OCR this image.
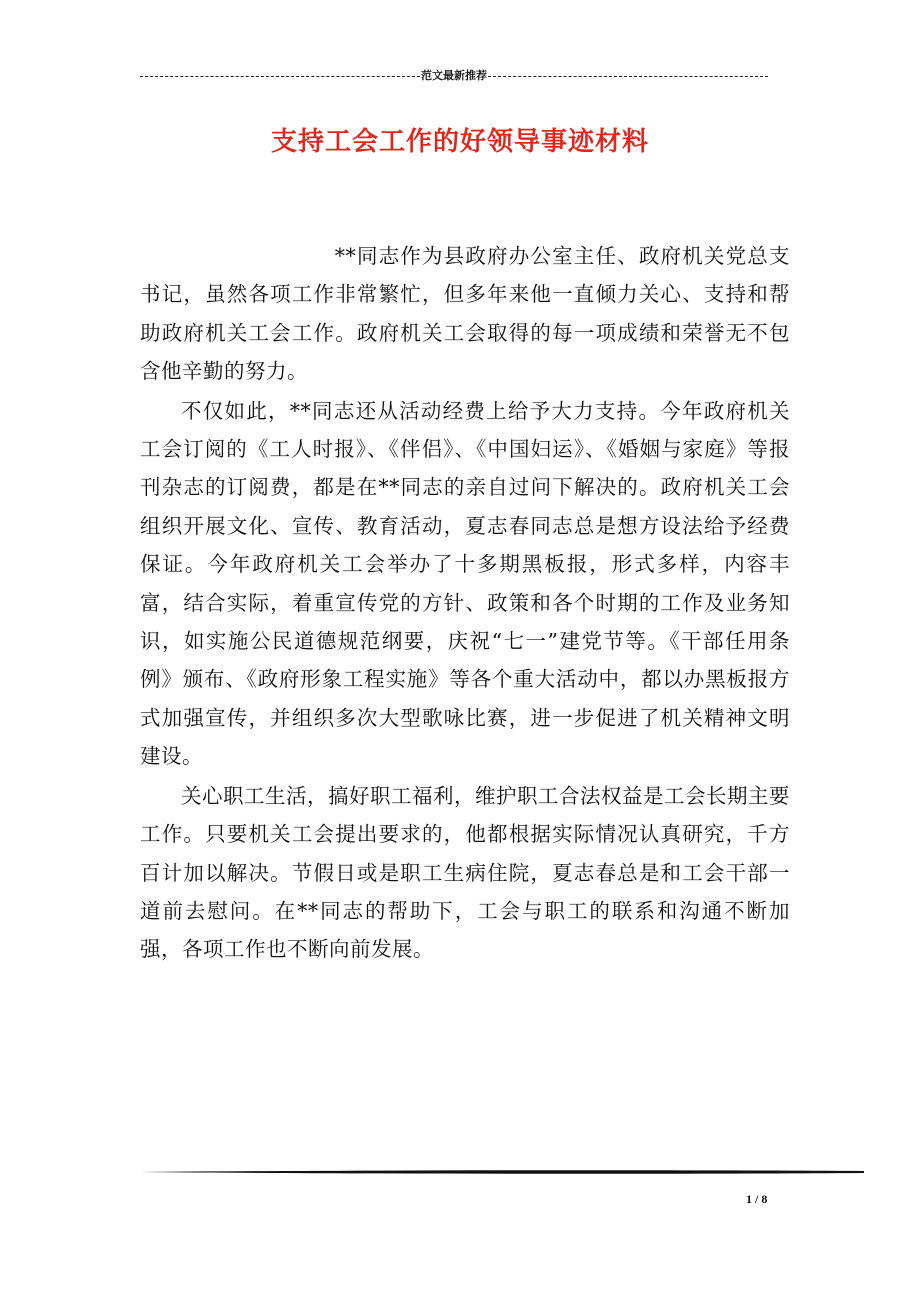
范文最新推荐
支持工会工作的好领导事迹材料

**同志作为县政府办公室主任、政府机关党总支书记，虽然各项工作非常繁忙，但多年来他一直倾力关心、支持和帮助政府机关工会工作。政府机关工会取得的每一项成绩和荣誉无不包含他辛勤的努力。

不仅如此，**同志还从活动经费上给予大力支持。今年政府机关工会订阅的《工人时报》、《伴侣》、《中国妇运》、《婚姻与家庭》等报刊杂志的订阅费，都是在**同志的亲自过问下解决的。政府机关工会组织开展文化、宣传、教育活动，夏志春同志总是想方设法给予经费保证。今年政府机关工会举办了十多期黑板报，形式多样，内容丰富，结合实际，着重宣传党的方针、政策和各个时期的工作及业务知识，如实施公民道德规范纲要，庆祝“七一”建党节等。《干部任用条例》颁布、《政府形象工程实施》等各个重大活动中，都以办黑板报方式加强宣传，并组织多次大型歌咏比赛，进一步促进了机关精神文明建设。

关心职工生活，搞好职工福利，维护职工合法权益是工会长期主要工作。只要机关工会提出要求的，他都根据实际情况认真研究，千方百计加以解决。节假日或是职工生病住院，夏志春总是和工会干部一道前去慰问。在**同志的帮助下，工会与职工的联系和沟通不断加强，各项工作也不断向前发展。

1 / 8
